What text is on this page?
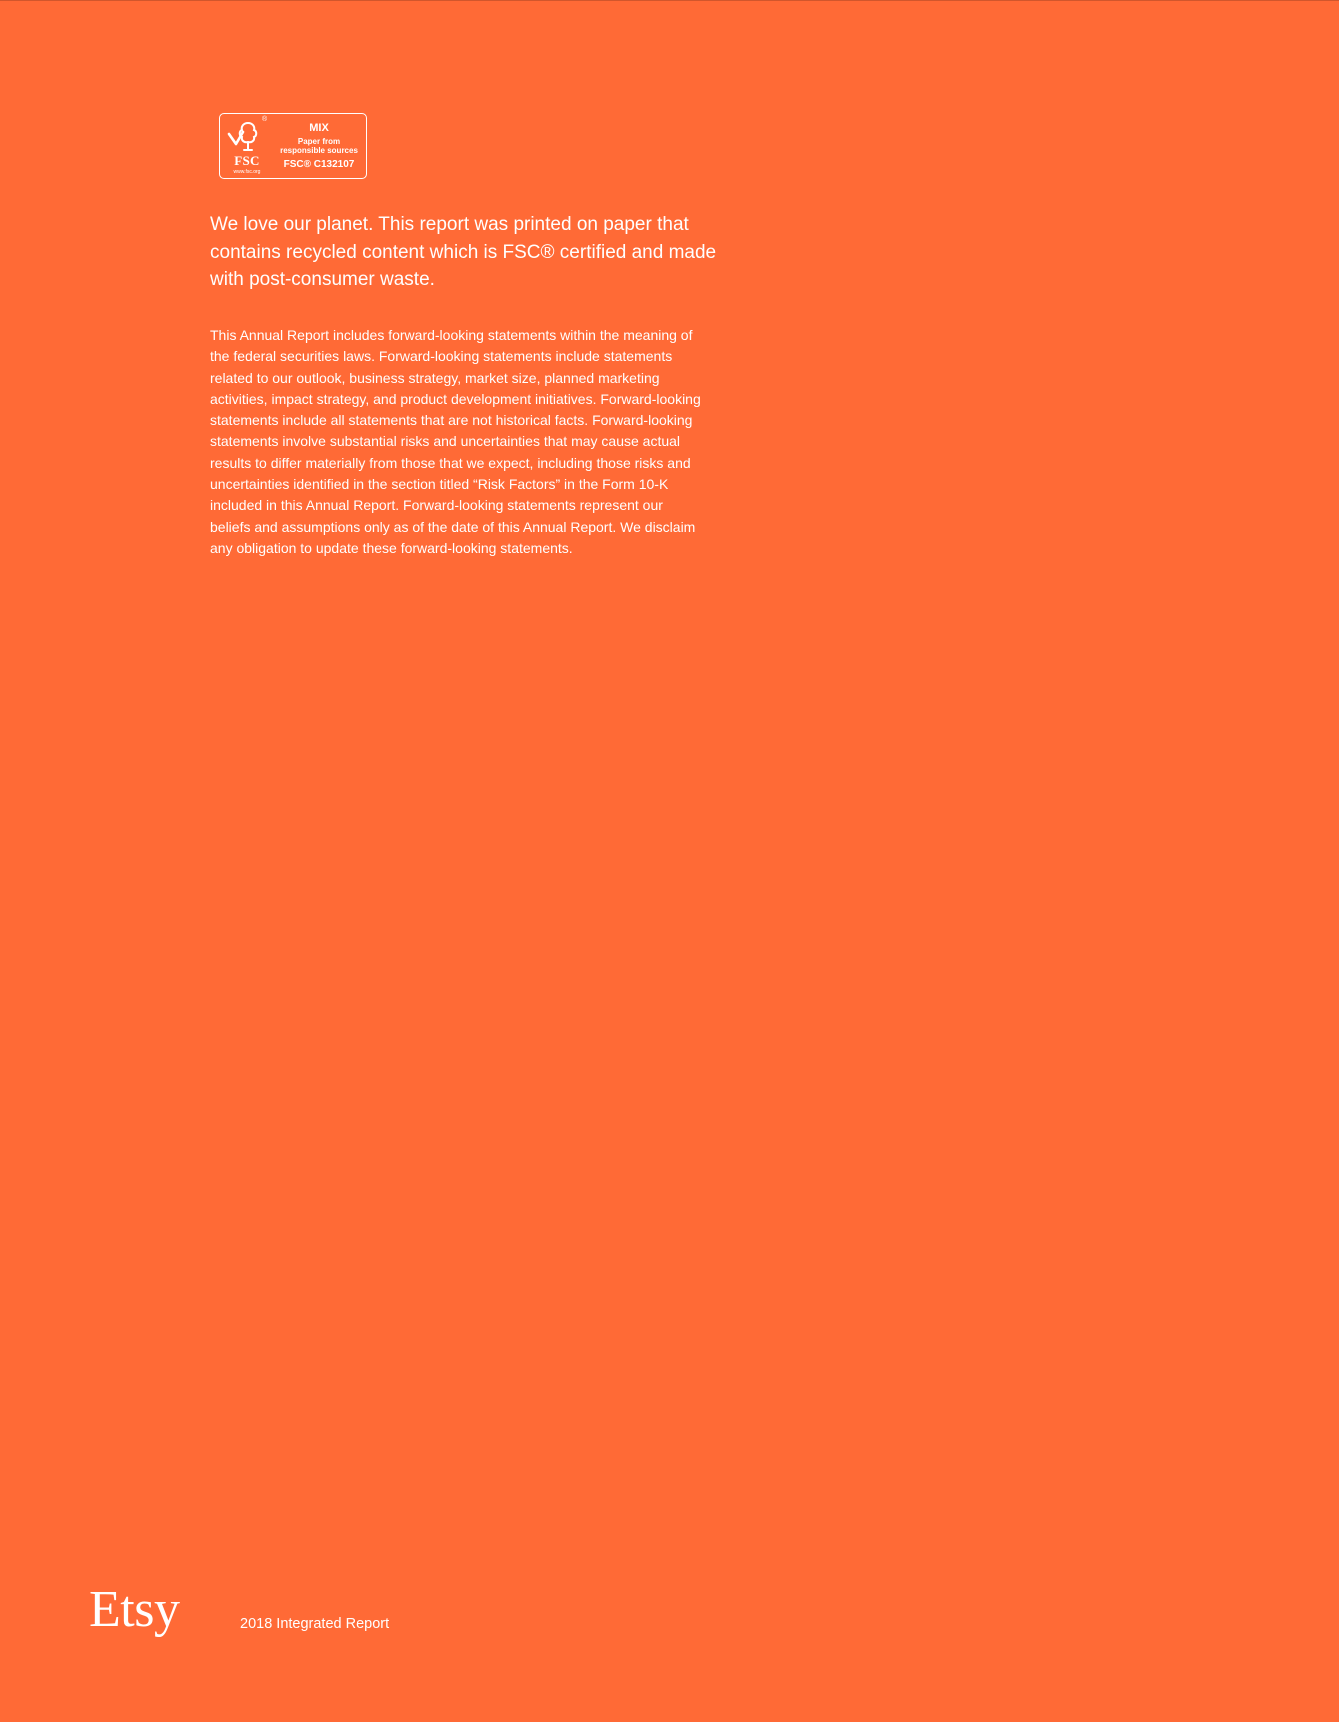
®
FSC
www.fsc.org
MIX
Paper from
responsible sources
FSC® C132107

We love our planet. This report was printed on paper that contains recycled content which is FSC® certified and made with post-consumer waste.

This Annual Report includes forward-looking statements within the meaning of the federal securities laws. Forward-looking statements include statements related to our outlook, business strategy, market size, planned marketing activities, impact strategy, and product development initiatives. Forward-looking statements include all statements that are not historical facts. Forward-looking statements involve substantial risks and uncertainties that may cause actual results to differ materially from those that we expect, including those risks and uncertainties identified in the section titled “Risk Factors” in the Form 10-K included in this Annual Report. Forward-looking statements represent our beliefs and assumptions only as of the date of this Annual Report. We disclaim any obligation to update these forward-looking statements.

Etsy	2018 Integrated Report
